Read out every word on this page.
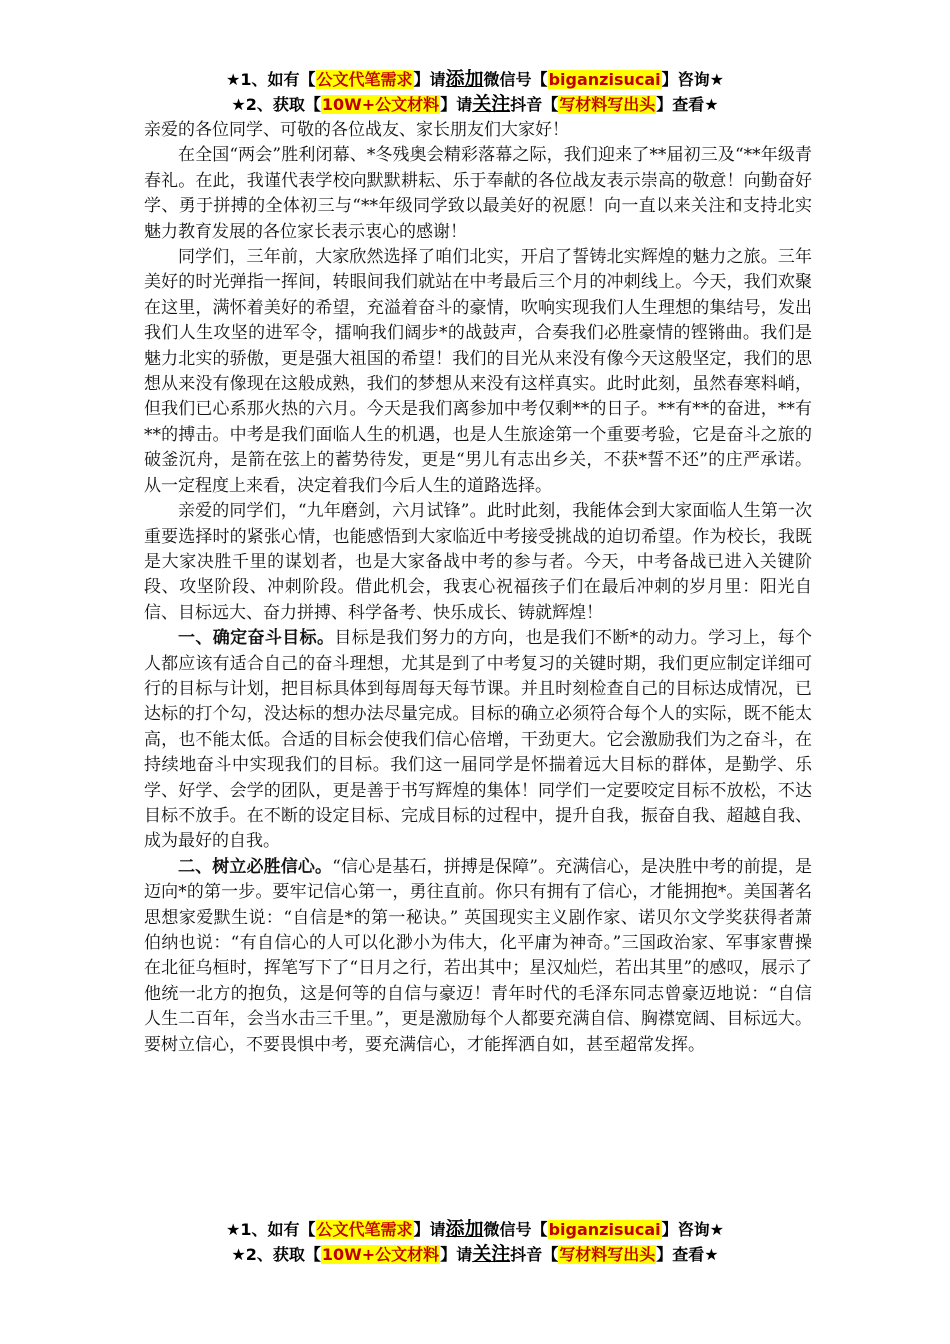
★1、如有【公文代笔需求】请添加微信号【biganzisucai】咨询★
★2、获取【10W+公文材料】请关注抖音【写材料写出头】查看★

亲爱的各位同学、可敬的各位战友、家长朋友们大家好！

在全国“两会”胜利闭幕、*冬残奥会精彩落幕之际，我们迎来了**届初三及“**年级青春礼。在此，我谨代表学校向默默耕耘、乐于奉献的各位战友表示崇高的敬意！向勤奋好学、勇于拼搏的全体初三与“**年级同学致以最美好的祝愿！向一直以来关注和支持北实魅力教育发展的各位家长表示衷心的感谢！

同学们，三年前，大家欣然选择了咱们北实，开启了誓铸北实辉煌的魅力之旅。三年美好的时光弹指一挥间，转眼间我们就站在中考最后三个月的冲刺线上。今天，我们欢聚在这里，满怀着美好的希望，充溢着奋斗的豪情，吹响实现我们人生理想的集结号，发出我们人生攻坚的进军令，擂响我们阔步*的战鼓声，合奏我们必胜豪情的铿锵曲。我们是魅力北实的骄傲，更是强大祖国的希望！我们的目光从来没有像今天这般坚定，我们的思想从来没有像现在这般成熟，我们的梦想从来没有这样真实。此时此刻，虽然春寒料峭，但我们已心系那火热的六月。今天是我们离参加中考仅剩**的日子。**有**的奋进，**有**的搏击。中考是我们面临人生的机遇，也是人生旅途第一个重要考验，它是奋斗之旅的破釜沉舟，是箭在弦上的蓄势待发，更是“男儿有志出乡关，不获*誓不还”的庄严承诺。从一定程度上来看，决定着我们今后人生的道路选择。

亲爱的同学们，“九年磨剑，六月试锋”。此时此刻，我能体会到大家面临人生第一次重要选择时的紧张心情，也能感悟到大家临近中考接受挑战的迫切希望。作为校长，我既是大家决胜千里的谋划者，也是大家备战中考的参与者。今天，中考备战已进入关键阶段、攻坚阶段、冲刺阶段。借此机会，我衷心祝福孩子们在最后冲刺的岁月里：阳光自信、目标远大、奋力拼搏、科学备考、快乐成长、铸就辉煌！

一、确定奋斗目标。目标是我们努力的方向，也是我们不断*的动力。学习上，每个人都应该有适合自己的奋斗理想，尤其是到了中考复习的关键时期，我们更应制定详细可行的目标与计划，把目标具体到每周每天每节课。并且时刻检查自己的目标达成情况，已达标的打个勾，没达标的想办法尽量完成。目标的确立必须符合每个人的实际，既不能太高，也不能太低。合适的目标会使我们信心倍增，干劲更大。它会激励我们为之奋斗，在持续地奋斗中实现我们的目标。我们这一届同学是怀揣着远大目标的群体，是勤学、乐学、好学、会学的团队，更是善于书写辉煌的集体！同学们一定要咬定目标不放松，不达目标不放手。在不断的设定目标、完成目标的过程中，提升自我，振奋自我、超越自我、成为最好的自我。

二、树立必胜信心。“信心是基石，拼搏是保障”。充满信心，是决胜中考的前提，是迈向*的第一步。要牢记信心第一，勇往直前。你只有拥有了信心，才能拥抱*。美国著名思想家爱默生说：“自信是*的第一秘诀。” 英国现实主义剧作家、诺贝尔文学奖获得者萧伯纳也说：“有自信心的人可以化渺小为伟大，化平庸为神奇。”三国政治家、军事家曹操在北征乌桓时，挥笔写下了“日月之行，若出其中；星汉灿烂，若出其里”的感叹，展示了他统一北方的抱负，这是何等的自信与豪迈！青年时代的毛泽东同志曾豪迈地说：“自信人生二百年，会当水击三千里。”，更是激励每个人都要充满自信、胸襟宽阔、目标远大。要树立信心，不要畏惧中考，要充满信心，才能挥洒自如，甚至超常发挥。

★1、如有【公文代笔需求】请添加微信号【biganzisucai】咨询★
★2、获取【10W+公文材料】请关注抖音【写材料写出头】查看★
